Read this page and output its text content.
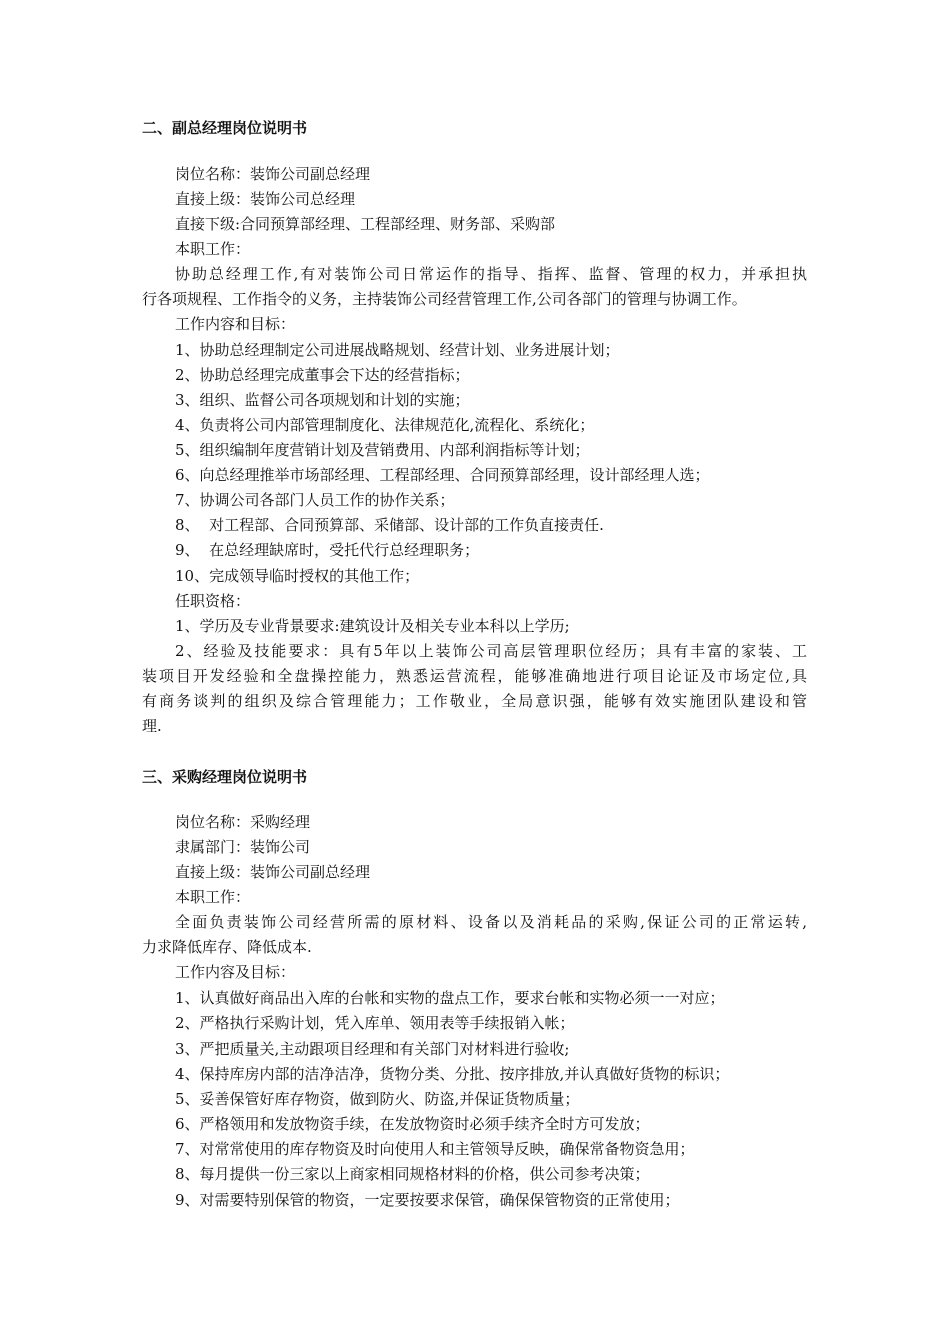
二、副总经理岗位说明书

岗位名称：装饰公司副总经理

直接上级：装饰公司总经理

直接下级:合同预算部经理、工程部经理、财务部、采购部

本职工作：

协助总经理工作,有对装饰公司日常运作的指导、指挥、监督、管理的权力，并承担执

行各项规程、工作指令的义务，主持装饰公司经营管理工作,公司各部门的管理与协调工作。

工作内容和目标：

1、协助总经理制定公司进展战略规划、经营计划、业务进展计划；

2、协助总经理完成董事会下达的经营指标；

3、组织、监督公司各项规划和计划的实施；

4、负责将公司内部管理制度化、法律规范化,流程化、系统化；

5、组织编制年度营销计划及营销费用、内部利润指标等计划；

6、向总经理推举市场部经理、工程部经理、合同预算部经理，设计部经理人选；

7、协调公司各部门人员工作的协作关系；

8、  对工程部、合同预算部、采储部、设计部的工作负直接责任.

9、  在总经理缺席时，受托代行总经理职务；

10、完成领导临时授权的其他工作；

任职资格：

1、学历及专业背景要求:建筑设计及相关专业本科以上学历;

2、经验及技能要求：具有5年以上装饰公司高层管理职位经历；具有丰富的家装、工

装项目开发经验和全盘操控能力，熟悉运营流程，能够准确地进行项目论证及市场定位,具

有商务谈判的组织及综合管理能力；工作敬业，全局意识强，能够有效实施团队建设和管

理.

三、采购经理岗位说明书

岗位名称：采购经理

隶属部门：装饰公司

直接上级：装饰公司副总经理

本职工作：

全面负责装饰公司经营所需的原材料、设备以及消耗品的采购,保证公司的正常运转,

力求降低库存、降低成本.

工作内容及目标：

1、认真做好商品出入库的台帐和实物的盘点工作，要求台帐和实物必须一一对应；

2、严格执行采购计划，凭入库单、领用表等手续报销入帐；

3、严把质量关,主动跟项目经理和有关部门对材料进行验收;

4、保持库房内部的洁净洁净，货物分类、分批、按序排放,并认真做好货物的标识；

5、妥善保管好库存物资，做到防火、防盗,并保证货物质量；

6、严格领用和发放物资手续，在发放物资时必须手续齐全时方可发放；

7、对常常使用的库存物资及时向使用人和主管领导反映，确保常备物资急用；

8、每月提供一份三家以上商家相同规格材料的价格，供公司参考决策；

9、对需要特别保管的物资，一定要按要求保管，确保保管物资的正常使用；
